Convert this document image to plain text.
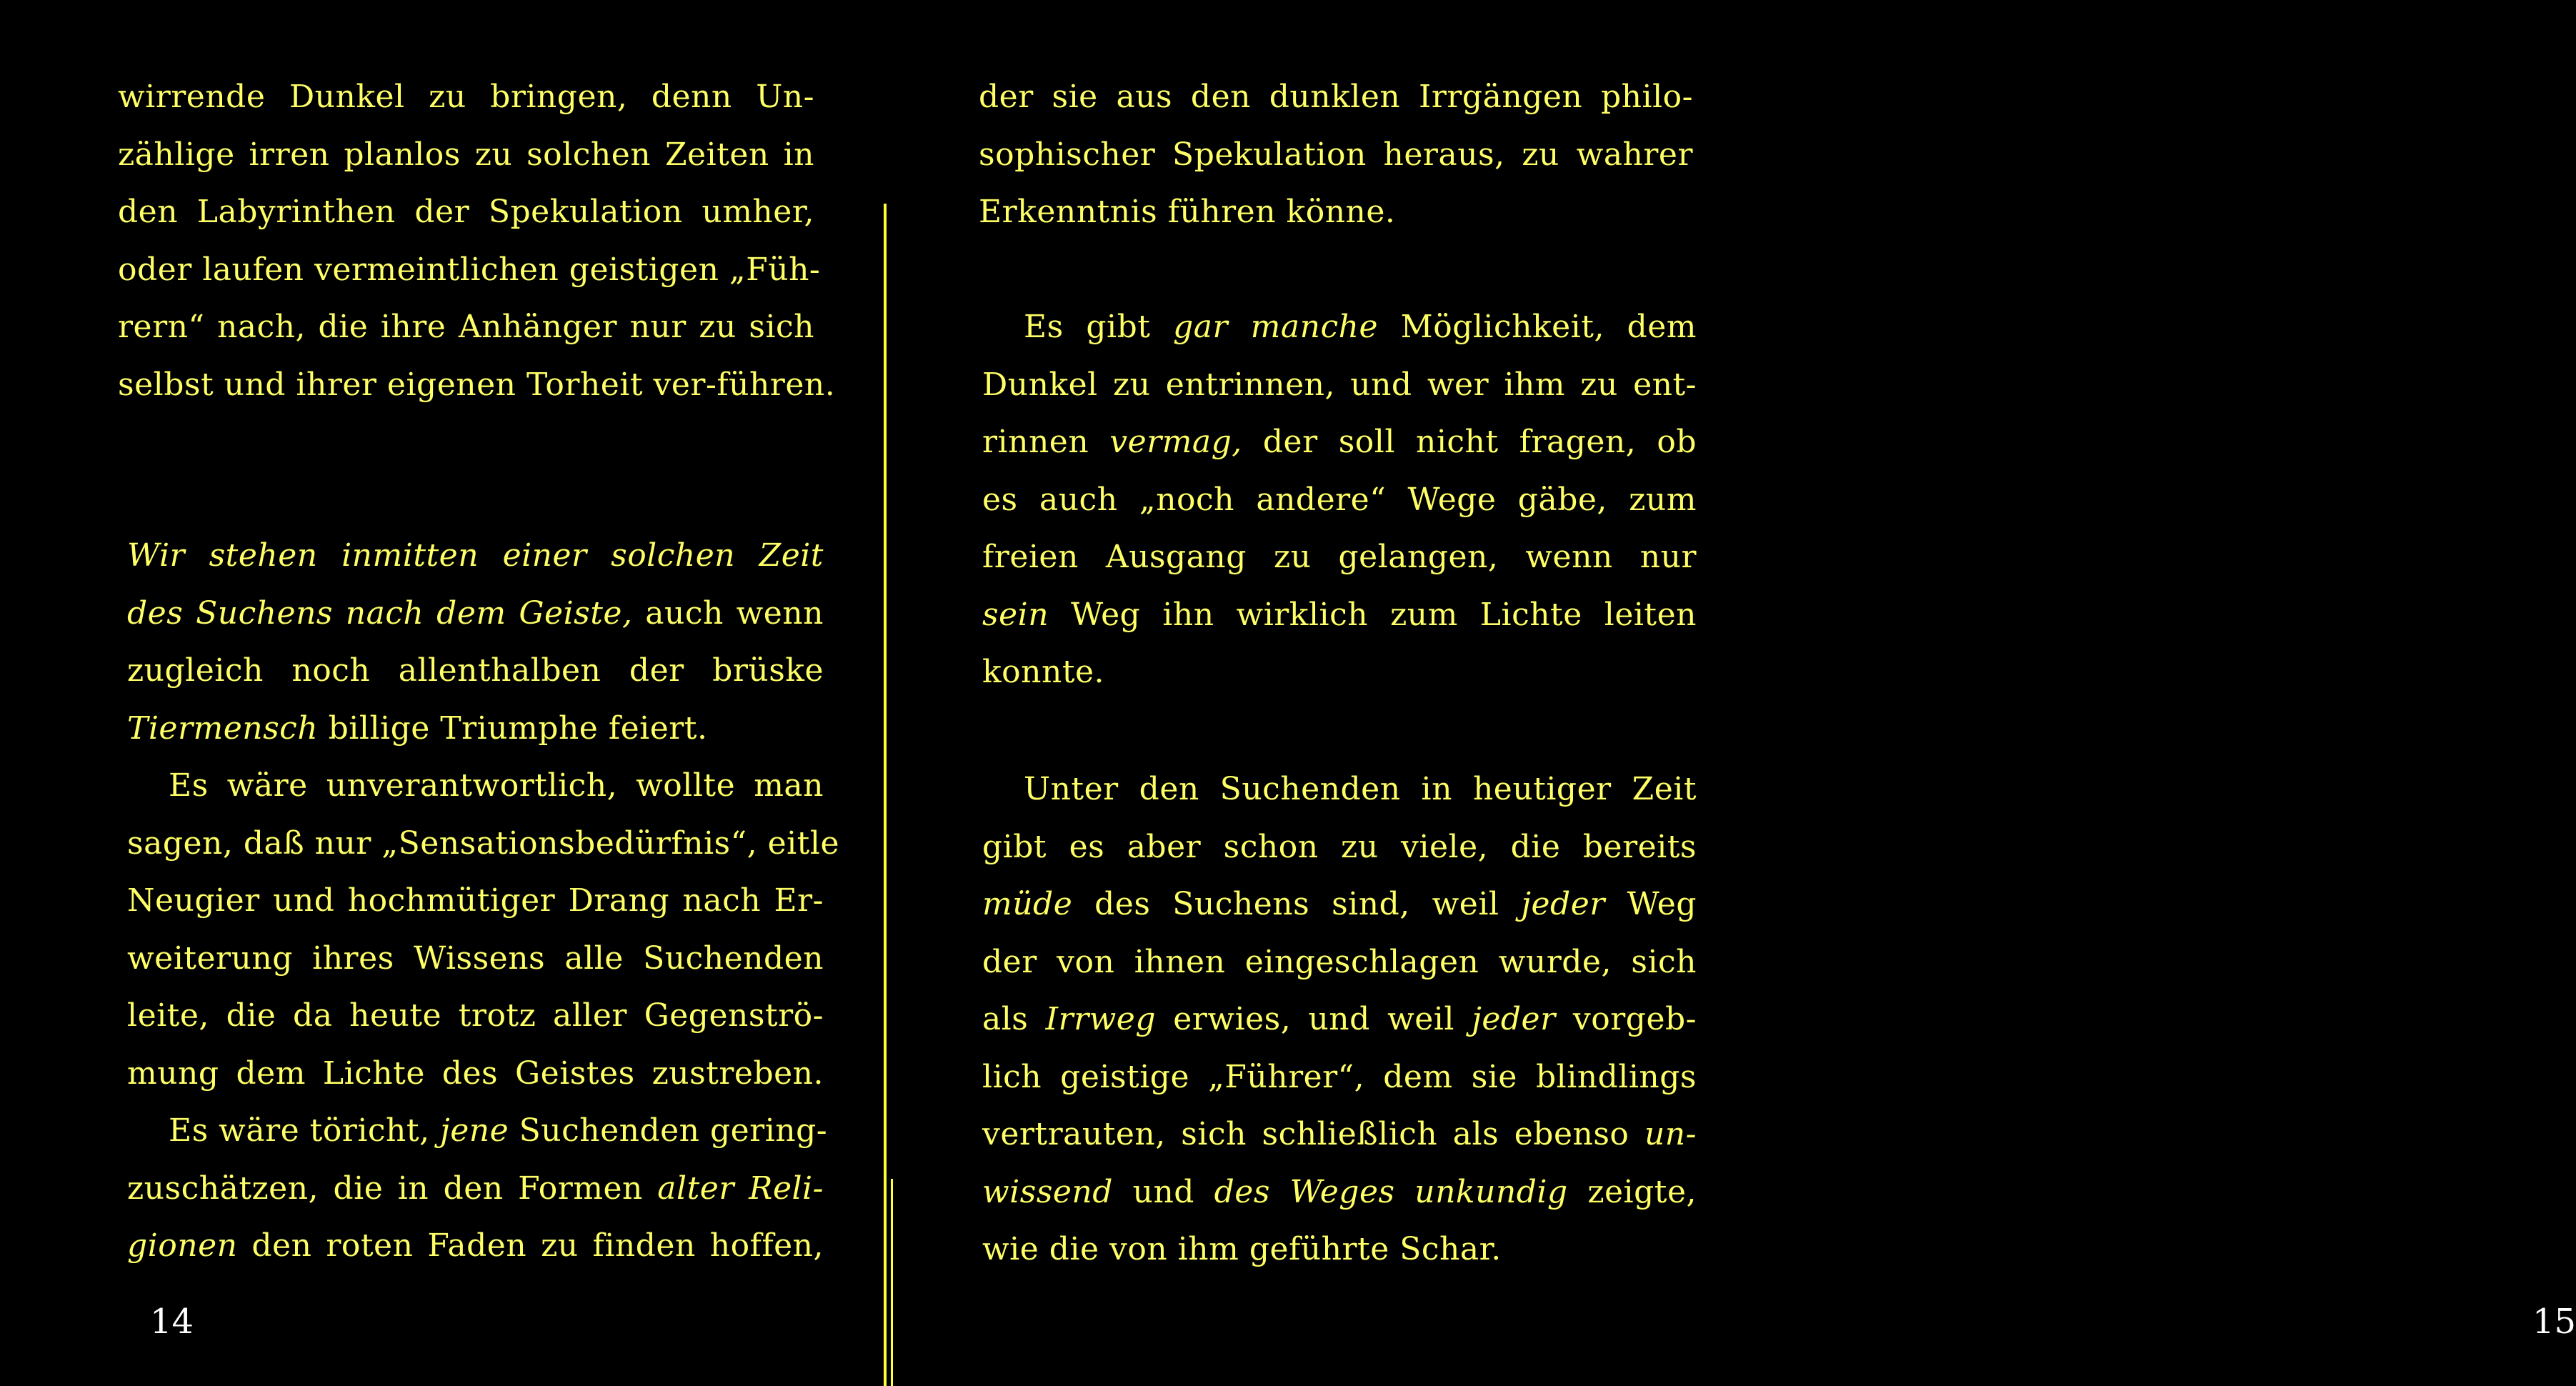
wirrende Dunkel zu bringen, denn Un-
zählige irren planlos zu solchen Zeiten in
den Labyrinthen der Spekulation umher,
oder laufen vermeintlichen geistigen „Füh-
rern“ nach, die ihre Anhänger nur zu sich
selbst und ihrer eigenen Torheit ver-führen.
Wir stehen inmitten einer solchen Zeit
des Suchens nach dem Geiste, auch wenn
zugleich noch allenthalben der brüske
Tiermensch billige Triumphe feiert.
Es wäre unverantwortlich, wollte man
sagen, daß nur „Sensationsbedürfnis“, eitle
Neugier und hochmütiger Drang nach Er-
weiterung ihres Wissens alle Suchenden
leite, die da heute trotz aller Gegenströ-
mung dem Lichte des Geistes zustreben.
Es wäre töricht, jene Suchenden gering-
zuschätzen, die in den Formen alter Reli-
gionen den roten Faden zu finden hoffen,
14
der sie aus den dunklen Irrgängen philo-
sophischer Spekulation heraus, zu wahrer
Erkenntnis führen könne.
Es gibt gar manche Möglichkeit, dem
Dunkel zu entrinnen, und wer ihm zu ent-
rinnen vermag, der soll nicht fragen, ob
es auch „noch andere“ Wege gäbe, zum
freien Ausgang zu gelangen, wenn nur
sein Weg ihn wirklich zum Lichte leiten
konnte.
Unter den Suchenden in heutiger Zeit
gibt es aber schon zu viele, die bereits
müde des Suchens sind, weil jeder Weg
der von ihnen eingeschlagen wurde, sich
als Irrweg erwies, und weil jeder vorgeb-
lich geistige „Führer“, dem sie blindlings
vertrauten, sich schließlich als ebenso un-
wissend und des Weges unkundig zeigte,
wie die von ihm geführte Schar.
15
